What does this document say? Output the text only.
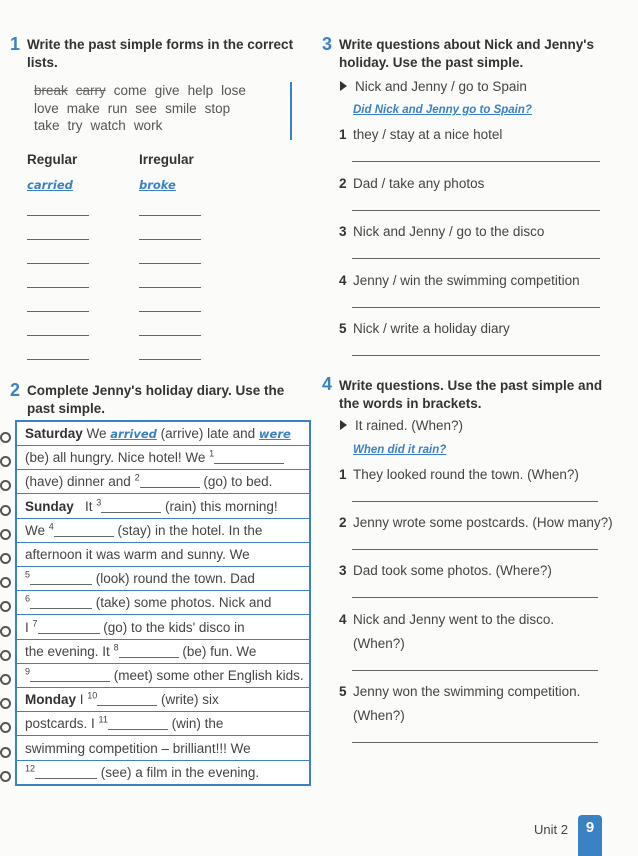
1 Write the past simple forms in the correct
lists.
break carry come give help lose
love make run see smile stop
take try watch work
Regular	Irregular
carried	broke
2 Complete Jenny's holiday diary. Use the
past simple.
Saturday We arrived (arrive) late and were
(be) all hungry. Nice hotel! We $^1$
(have) dinner and $^2$	(go) to bed.
Sunday   It $^3$	(rain) this morning!
We $^4$	(stay) in the hotel. In the
afternoon it was warm and sunny. We
$^5$	(look) round the town. Dad
$^6$	(take) some photos. Nick and
I $^7$	(go) to the kids' disco in
the evening. It $^8$	(be) fun. We
$^9$	(meet) some other English kids.
Monday I $^{10}$	(write) six
postcards. I $^{11}$	(win) the
swimming competition – brilliant!!! We
$^{12}$	(see) a film in the evening.
3 Write questions about Nick and Jenny's
holiday. Use the past simple.
Nick and Jenny / go to Spain
Did Nick and Jenny go to Spain?
1 they / stay at a nice hotel
2 Dad / take any photos
3 Nick and Jenny / go to the disco
4 Jenny / win the swimming competition
5 Nick / write a holiday diary
4 Write questions. Use the past simple and
the words in brackets.
It rained. (When?)
When did it rain?
1 They looked round the town. (When?)
2 Jenny wrote some postcards. (How many?)
3 Dad took some photos. (Where?)
4 Nick and Jenny went to the disco.
(When?)
5 Jenny won the swimming competition.
(When?)
Unit 2	9
